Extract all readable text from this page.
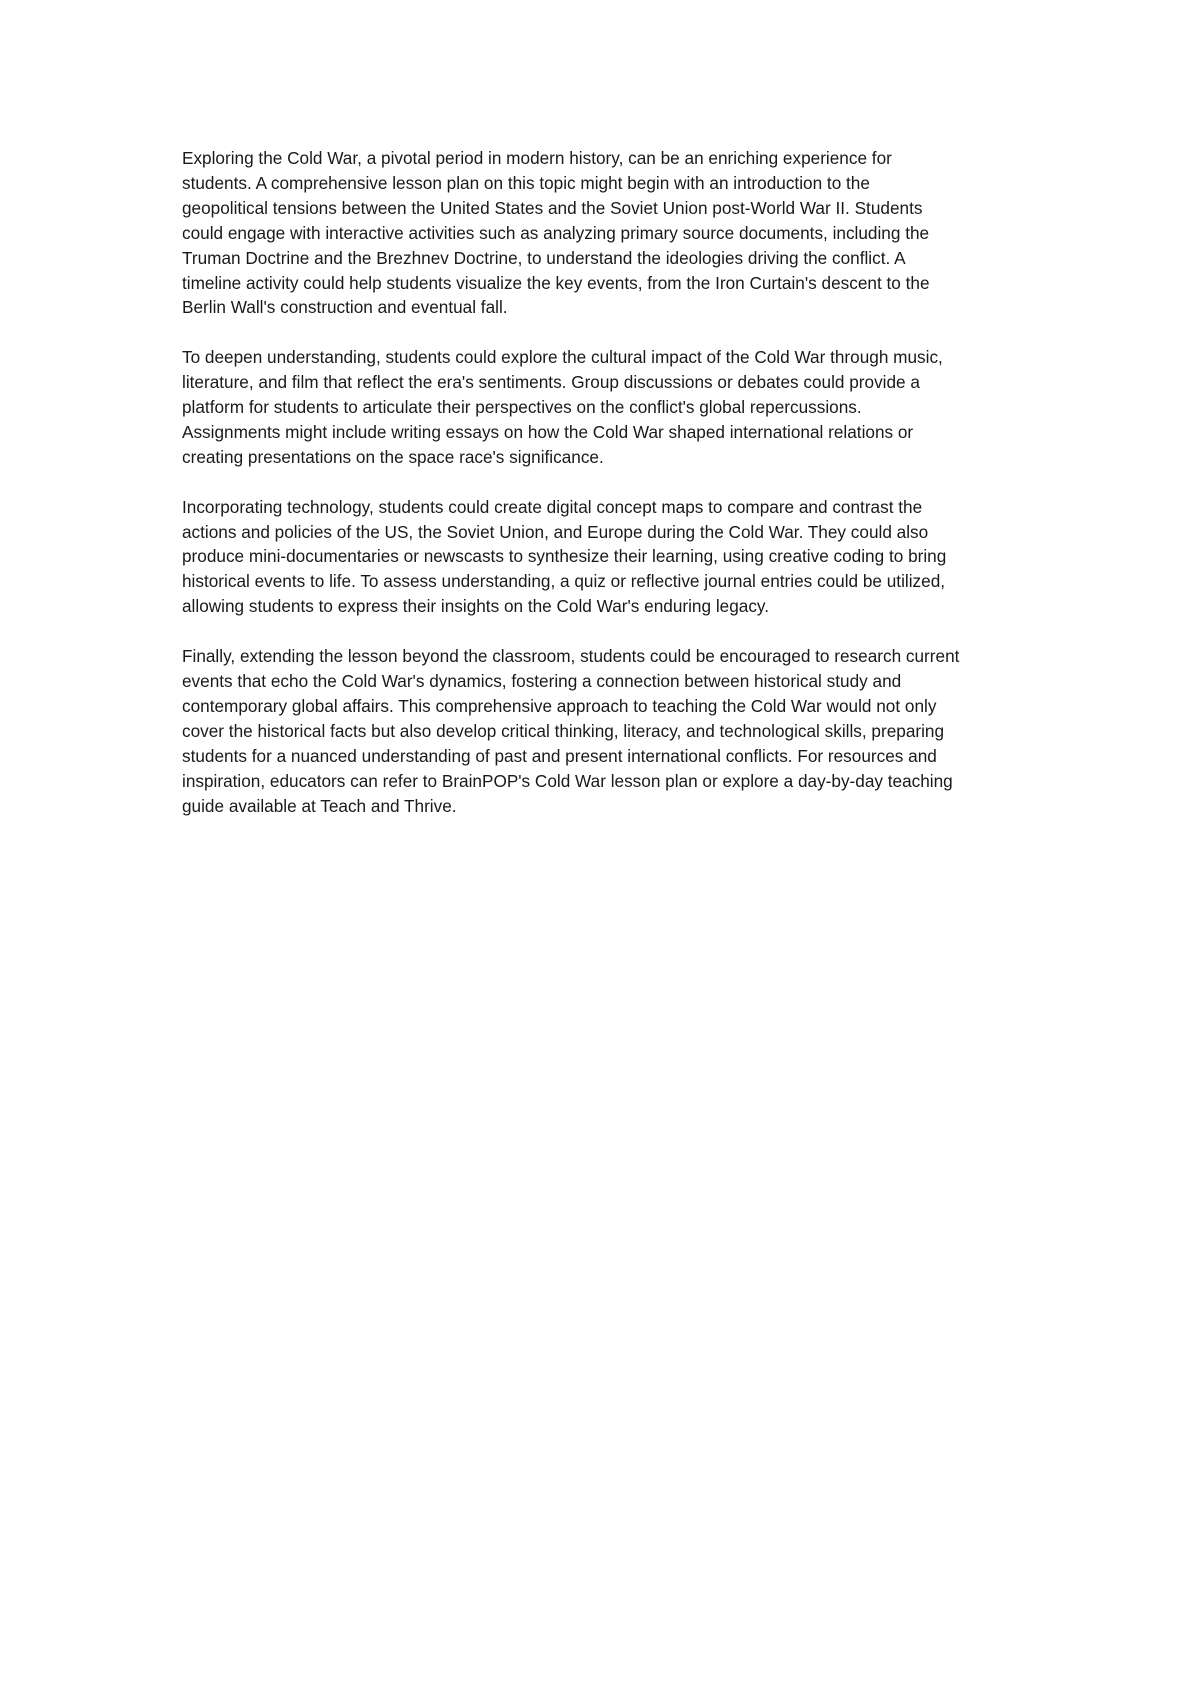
Exploring the Cold War, a pivotal period in modern history, can be an enriching experience for
students. A comprehensive lesson plan on this topic might begin with an introduction to the
geopolitical tensions between the United States and the Soviet Union post-World War II. Students
could engage with interactive activities such as analyzing primary source documents, including the
Truman Doctrine and the Brezhnev Doctrine, to understand the ideologies driving the conflict. A
timeline activity could help students visualize the key events, from the Iron Curtain's descent to the
Berlin Wall's construction and eventual fall.

To deepen understanding, students could explore the cultural impact of the Cold War through music,
literature, and film that reflect the era's sentiments. Group discussions or debates could provide a
platform for students to articulate their perspectives on the conflict's global repercussions.
Assignments might include writing essays on how the Cold War shaped international relations or
creating presentations on the space race's significance.

Incorporating technology, students could create digital concept maps to compare and contrast the
actions and policies of the US, the Soviet Union, and Europe during the Cold War. They could also
produce mini-documentaries or newscasts to synthesize their learning, using creative coding to bring
historical events to life. To assess understanding, a quiz or reflective journal entries could be utilized,
allowing students to express their insights on the Cold War's enduring legacy.

Finally, extending the lesson beyond the classroom, students could be encouraged to research current
events that echo the Cold War's dynamics, fostering a connection between historical study and
contemporary global affairs. This comprehensive approach to teaching the Cold War would not only
cover the historical facts but also develop critical thinking, literacy, and technological skills, preparing
students for a nuanced understanding of past and present international conflicts. For resources and
inspiration, educators can refer to BrainPOP's Cold War lesson plan or explore a day-by-day teaching
guide available at Teach and Thrive.
